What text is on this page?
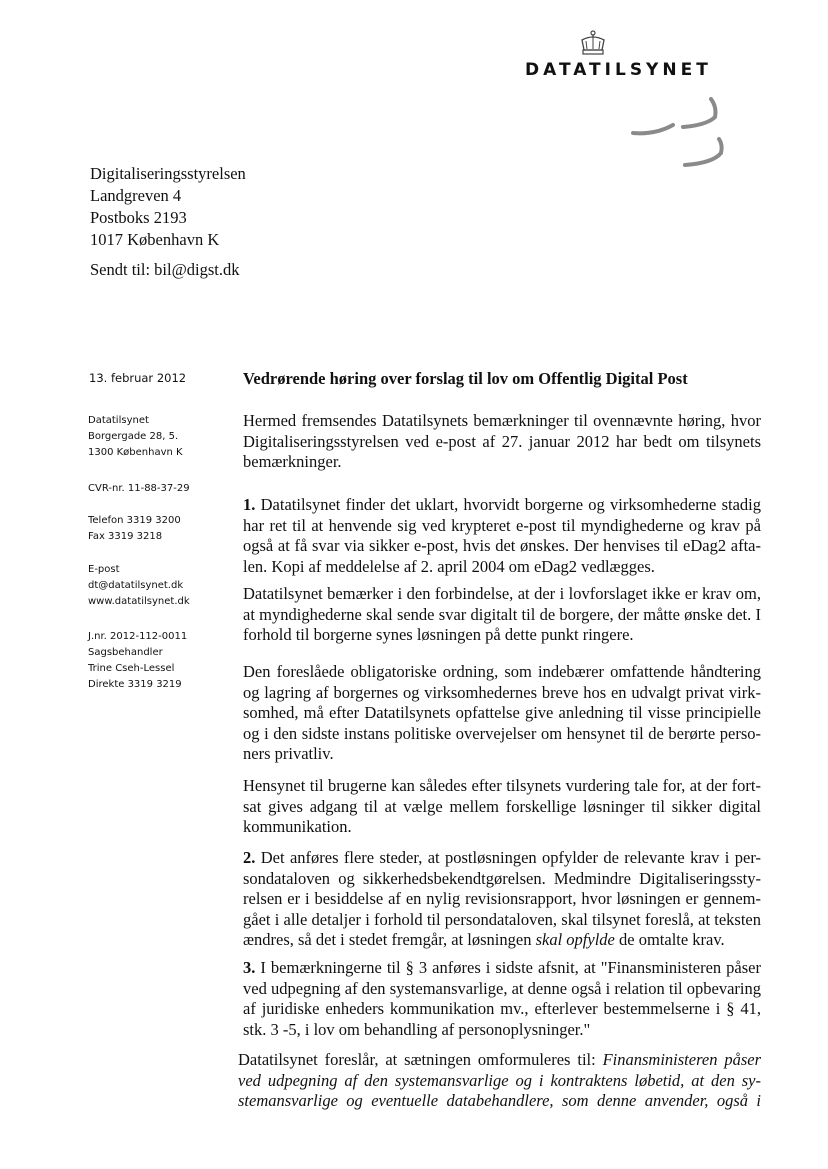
DATATILSYNET
Digitaliseringsstyrelsen
Landgreven 4
Postboks 2193
1017 København K
Sendt til: bil@digst.dk
13. februar 2012
Datatilsynet
Borgergade 28, 5.
1300 København K
CVR-nr. 11-88-37-29
Telefon 3319 3200
Fax 3319 3218
E-post
dt@datatilsynet.dk
www.datatilsynet.dk
J.nr. 2012-112-0011
Sagsbehandler
Trine Cseh-Lessel
Direkte 3319 3219
Vedrørende høring over forslag til lov om Offentlig Digital Post
Hermed fremsendes Datatilsynets bemærkninger til ovennævnte høring, hvor
Digitaliseringsstyrelsen ved e-post af 27. januar 2012 har bedt om tilsynets
bemærkninger.
1. Datatilsynet finder det uklart, hvorvidt borgerne og virksomhederne stadig
har ret til at henvende sig ved krypteret e-post til myndighederne og krav på
også at få svar via sikker e-post, hvis det ønskes. Der henvises til eDag2 afta-
len. Kopi af meddelelse af 2. april 2004 om eDag2 vedlægges.
Datatilsynet bemærker i den forbindelse, at der i lovforslaget ikke er krav om,
at myndighederne skal sende svar digitalt til de borgere, der måtte ønske det. I
forhold til borgerne synes løsningen på dette punkt ringere.
Den foreslåede obligatoriske ordning, som indebærer omfattende håndtering
og lagring af borgernes og virksomhedernes breve hos en udvalgt privat virk-
somhed, må efter Datatilsynets opfattelse give anledning til visse principielle
og i den sidste instans politiske overvejelser om hensynet til de berørte perso-
ners privatliv.
Hensynet til brugerne kan således efter tilsynets vurdering tale for, at der fort-
sat gives adgang til at vælge mellem forskellige løsninger til sikker digital
kommunikation.
2. Det anføres flere steder, at postløsningen opfylder de relevante krav i per-
sondataloven og sikkerhedsbekendtgørelsen. Medmindre Digitaliseringssty-
relsen er i besiddelse af en nylig revisionsrapport, hvor løsningen er gennem-
gået i alle detaljer i forhold til persondataloven, skal tilsynet foreslå, at teksten
ændres, så det i stedet fremgår, at løsningen skal opfylde de omtalte krav.
3. I bemærkningerne til § 3 anføres i sidste afsnit, at "Finansministeren påser
ved udpegning af den systemansvarlige, at denne også i relation til opbevaring
af juridiske enheders kommunikation mv., efterlever bestemmelserne i § 41,
stk. 3 -5, i lov om behandling af personoplysninger."
Datatilsynet foreslår, at sætningen omformuleres til: Finansministeren påser
ved udpegning af den systemansvarlige og i kontraktens løbetid, at den sy-
stemansvarlige og eventuelle databehandlere, som denne anvender, også i
